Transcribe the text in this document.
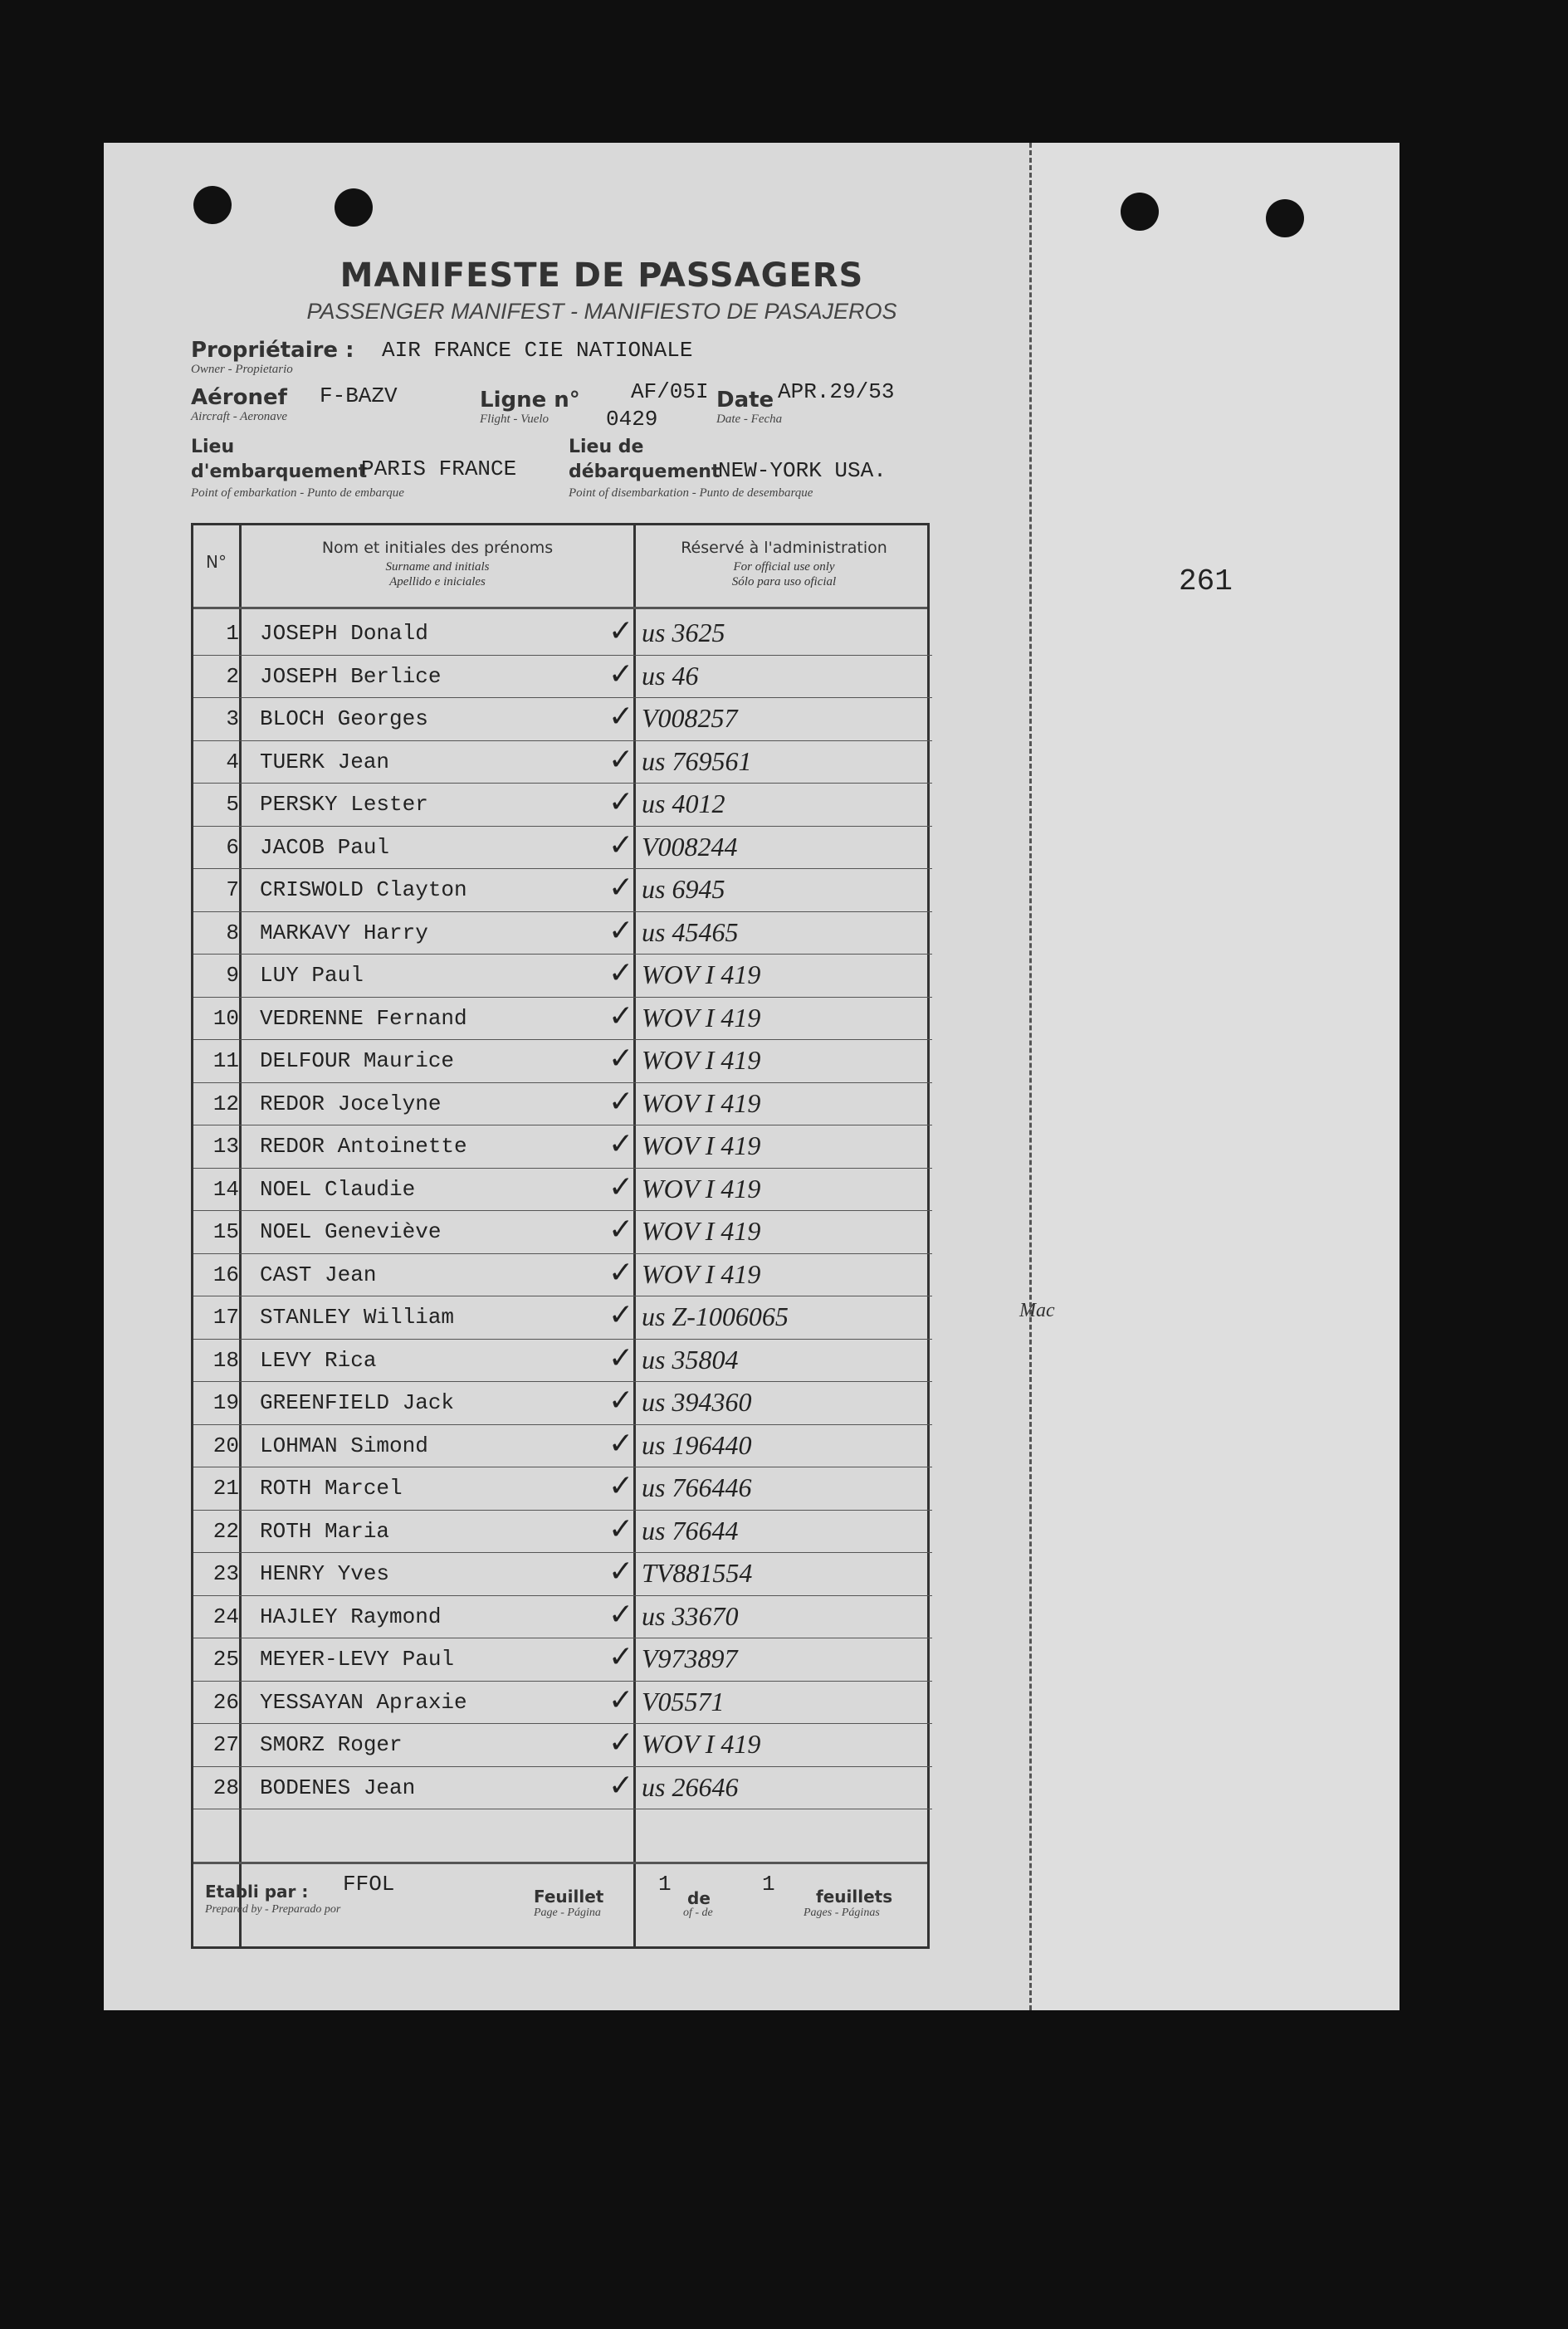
MANIFESTE DE PASSAGERS
PASSENGER MANIFEST - MANIFIESTO DE PASAJEROS
Propriétaire :
Owner - Propietario
AIR FRANCE CIE NATIONALE
Aéronef
Aircraft - Aeronave
F-BAZV	Ligne n°
Flight - Vuelo
AF/05I
0429
Date
Date - Fecha
APR.29/53
Lieu d'embarquement
Point of embarkation - Punto de embarque
PARIS FRANCE
Lieu de débarquement
Point of disembarkation - Punto de desembarque
NEW-YORK USA.
261
N°
Nom et initiales des prénoms
Surname and initials
Apellido e iniciales
Réservé à l'administration
For official use only
Sólo para uso oficial
1 JOSEPH Donald	✓ us 3625
2 JOSEPH Berlice	✓ us 46
3 BLOCH Georges	✓ V008257
4 TUERK Jean	✓ us 769561
5 PERSKY Lester	✓ us 4012
6 JACOB Paul	✓ V008244
7 CRISWOLD Clayton	✓ us 6945
8 MARKAVY Harry	✓ us 45465
9 LUY Paul	✓ WOV I 419
10 VEDRENNE Fernand	✓ WOV I 419
11 DELFOUR Maurice	✓ WOV I 419
12 REDOR Jocelyne	✓ WOV I 419
13 REDOR Antoinette	✓ WOV I 419
14 NOEL Claudie	✓ WOV I 419
15 NOEL Geneviève	✓ WOV I 419
16 CAST Jean	✓ WOV I 419
17 STANLEY William	✓ us Z-1006065	Mac
18 LEVY Rica	✓ us 35804
19 GREENFIELD Jack	✓ us 394360
20 LOHMAN Simond	✓ us 196440
21 ROTH Marcel	✓ us 766446
22 ROTH Maria	✓ us 76644
23 HENRY Yves	✓ TV881554
24 HAJLEY Raymond	✓ us 33670
25 MEYER-LEVY Paul	✓ V973897
26 YESSAYAN Apraxie	✓ V05571
27 SMORZ Roger	✓ WOV I 419
28 BODENES Jean	✓ us 26646
Etabli par :
Prepared by - Preparado por
FFOL	Feuillet
Page - Página
1
de
of - de
1 feuillets
Pages - Páginas
